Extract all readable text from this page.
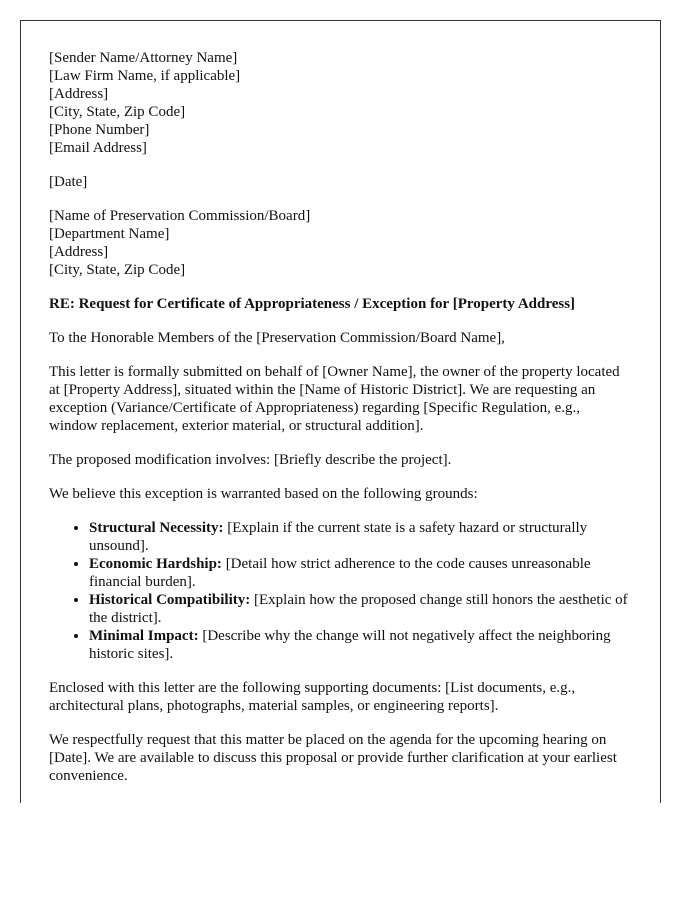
[Sender Name/Attorney Name]
[Law Firm Name, if applicable]
[Address]
[City, State, Zip Code]
[Phone Number]
[Email Address]

[Date]

[Name of Preservation Commission/Board]
[Department Name]
[Address]
[City, State, Zip Code]

RE: Request for Certificate of Appropriateness / Exception for [Property Address]

To the Honorable Members of the [Preservation Commission/Board Name],

This letter is formally submitted on behalf of [Owner Name], the owner of the property located at [Property Address], situated within the [Name of Historic District]. We are requesting an exception (Variance/Certificate of Appropriateness) regarding [Specific Regulation, e.g., window replacement, exterior material, or structural addition].

The proposed modification involves: [Briefly describe the project].

We believe this exception is warranted based on the following grounds:

• Structural Necessity: [Explain if the current state is a safety hazard or structurally unsound].
• Economic Hardship: [Detail how strict adherence to the code causes unreasonable financial burden].
• Historical Compatibility: [Explain how the proposed change still honors the aesthetic of the district].
• Minimal Impact: [Describe why the change will not negatively affect the neighboring historic sites].

Enclosed with this letter are the following supporting documents: [List documents, e.g., architectural plans, photographs, material samples, or engineering reports].

We respectfully request that this matter be placed on the agenda for the upcoming hearing on [Date]. We are available to discuss this proposal or provide further clarification at your earliest convenience.
